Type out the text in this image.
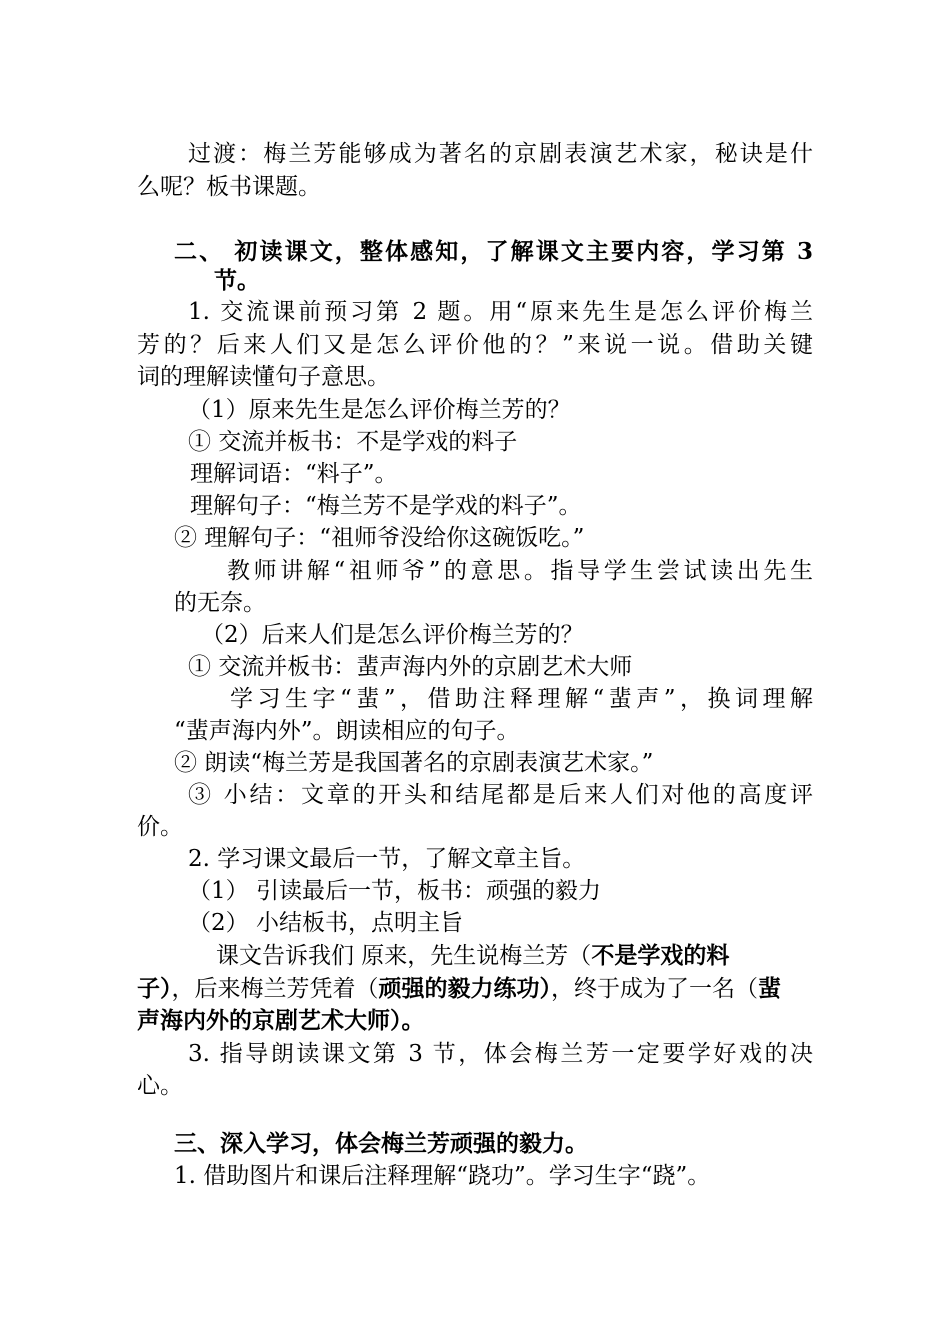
过渡：梅兰芳能够成为著名的京剧表演艺术家，秘诀是什
么呢？板书课题。
二、 初读课文，整体感知，了解课文主要内容，学习第 3
节。
1. 交流课前预习第 2 题。用“原来先生是怎么评价梅兰
芳的？后来人们又是怎么评价他的？”来说一说。借助关键
词的理解读懂句子意思。
（1）原来先生是怎么评价梅兰芳的？
① 交流并板书：不是学戏的料子
理解词语：“料子”。
理解句子：“梅兰芳不是学戏的料子”。
② 理解句子：“祖师爷没给你这碗饭吃。”
教师讲解“祖师爷”的意思。指导学生尝试读出先生
的无奈。
（2）后来人们是怎么评价梅兰芳的？
① 交流并板书：蜚声海内外的京剧艺术大师
学习生字“蜚”，借助注释理解“蜚声”，换词理解
“蜚声海内外”。朗读相应的句子。
② 朗读“梅兰芳是我国著名的京剧表演艺术家。”
③ 小结：文章的开头和结尾都是后来人们对他的高度评
价。
2. 学习课文最后一节，了解文章主旨。
（1） 引读最后一节，板书：顽强的毅力
（2） 小结板书，点明主旨
课文告诉我们 原来，先生说梅兰芳（不是学戏的料
子），后来梅兰芳凭着（顽强的毅力练功），终于成为了一名（蜚
声海内外的京剧艺术大师）。
3. 指导朗读课文第 3 节，体会梅兰芳一定要学好戏的决
心。
三、深入学习，体会梅兰芳顽强的毅力。
1. 借助图片和课后注释理解“跷功”。学习生字“跷”。
